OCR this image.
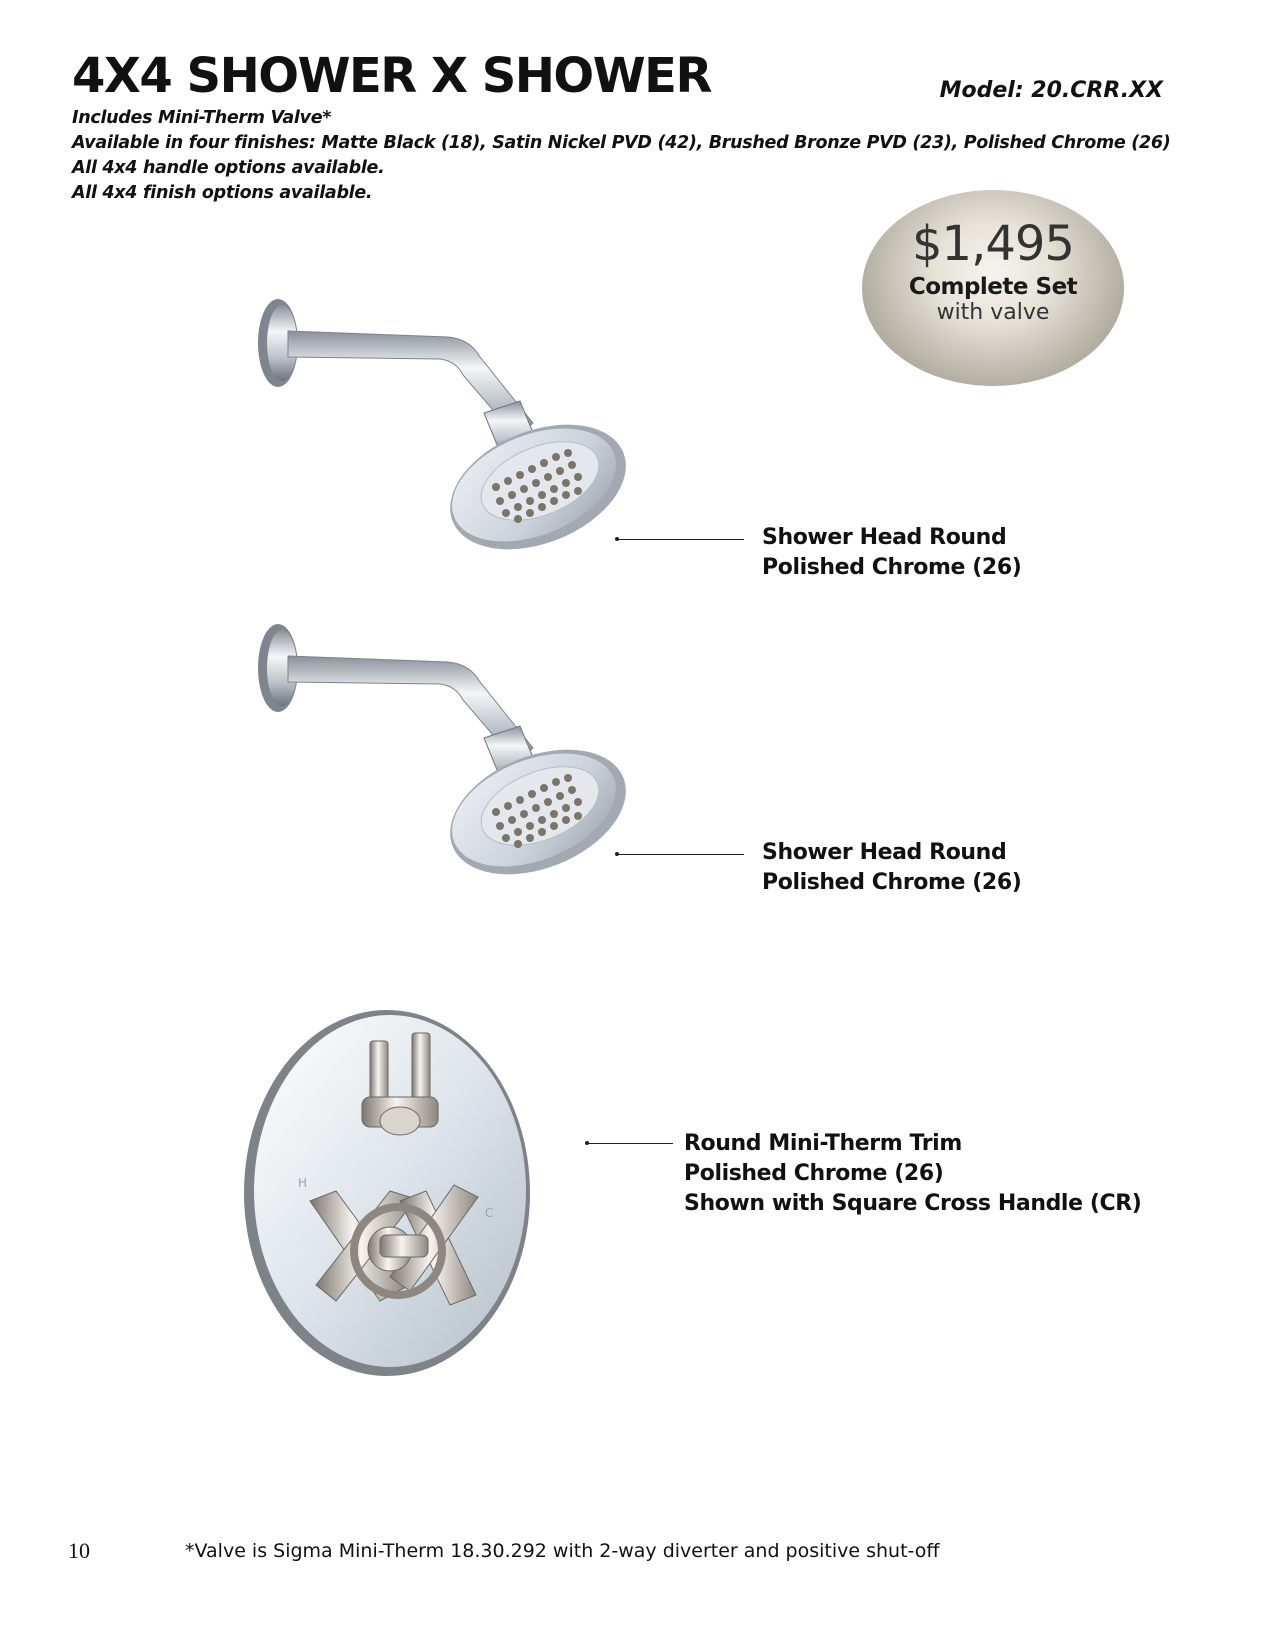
4X4 SHOWER X SHOWER	Model: 20.CRR.XX
Includes Mini-Therm Valve*
Available in four finishes: Matte Black (18), Satin Nickel PVD (42), Brushed Bronze PVD (23), Polished Chrome (26)
All 4x4 handle options available.
All 4x4 finish options available.
$1,495
Complete Set
with valve
Shower Head Round
Polished Chrome (26)
Shower Head Round
Polished Chrome (26)
H
C
Round Mini-Therm Trim
Polished Chrome (26)
Shown with Square Cross Handle (CR)
10	*Valve is Sigma Mini-Therm 18.30.292 with 2-way diverter and positive shut-off
